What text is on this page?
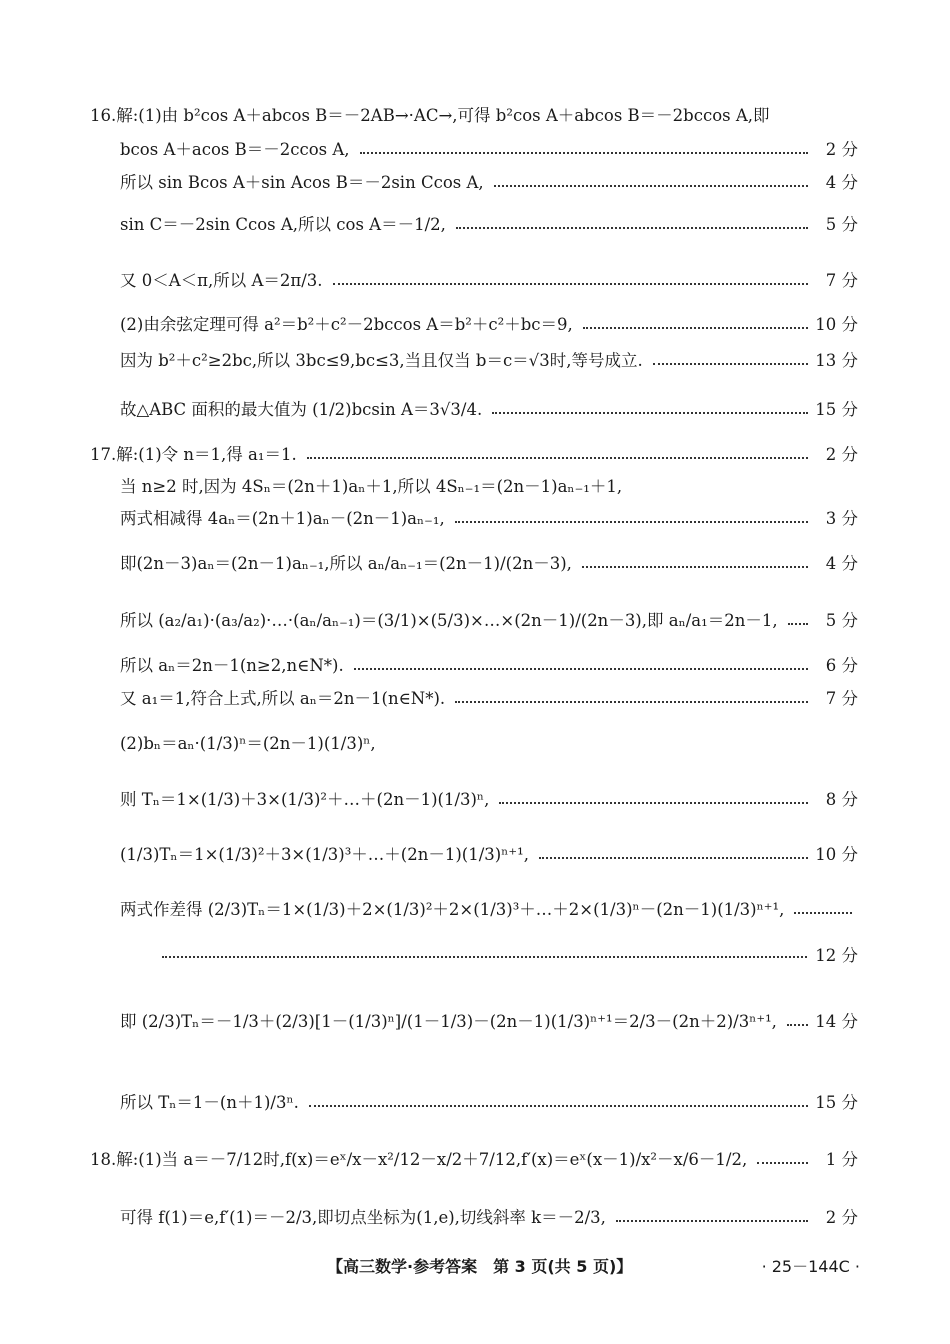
16.解:(1)由 b²cos A＋abcos B＝－2AB→·AC→,可得 b²cos A＋abcos B＝－2bccos A,即
bcos A＋acos B＝－2ccos A,	2 分
所以 sin Bcos A＋sin Acos B＝－2sin Ccos A,	4 分
sin C＝－2sin Ccos A,所以 cos A＝－1/2,	5 分
又 0＜A＜π,所以 A＝2π/3.	7 分
(2)由余弦定理可得 a²＝b²＋c²－2bccos A＝b²＋c²＋bc＝9,	10 分
因为 b²＋c²≥2bc,所以 3bc≤9,bc≤3,当且仅当 b＝c＝√3时,等号成立.	13 分
故△ABC 面积的最大值为 (1/2)bcsin A＝3√3/4.	15 分
17.解:(1)令 n＝1,得 a₁＝1.	2 分
当 n≥2 时,因为 4Sₙ＝(2n＋1)aₙ＋1,所以 4Sₙ₋₁＝(2n－1)aₙ₋₁＋1,
两式相减得 4aₙ＝(2n＋1)aₙ－(2n－1)aₙ₋₁,	3 分
即(2n－3)aₙ＝(2n－1)aₙ₋₁,所以 aₙ/aₙ₋₁＝(2n－1)/(2n－3),	4 分
所以 (a₂/a₁)·(a₃/a₂)·…·(aₙ/aₙ₋₁)＝(3/1)×(5/3)×…×(2n－1)/(2n－3),即 aₙ/a₁＝2n－1,	5 分
所以 aₙ＝2n－1(n≥2,n∈N*).	6 分
又 a₁＝1,符合上式,所以 aₙ＝2n－1(n∈N*).	7 分
(2)bₙ＝aₙ·(1/3)ⁿ＝(2n－1)(1/3)ⁿ,
则 Tₙ＝1×(1/3)＋3×(1/3)²＋…＋(2n－1)(1/3)ⁿ,	8 分
(1/3)Tₙ＝1×(1/3)²＋3×(1/3)³＋…＋(2n－1)(1/3)ⁿ⁺¹,	10 分
两式作差得 (2/3)Tₙ＝1×(1/3)＋2×(1/3)²＋2×(1/3)³＋…＋2×(1/3)ⁿ－(2n－1)(1/3)ⁿ⁺¹,
12 分
即 (2/3)Tₙ＝－1/3＋(2/3)[1－(1/3)ⁿ]/(1－1/3)－(2n－1)(1/3)ⁿ⁺¹＝2/3－(2n＋2)/3ⁿ⁺¹, 14 分
所以 Tₙ＝1－(n＋1)/3ⁿ.	15 分
18.解:(1)当 a＝－7/12时,f(x)＝eˣ/x－x²/12－x/2＋7/12,f′(x)＝eˣ(x－1)/x²－x/6－1/2,	1 分
可得 f(1)＝e,f′(1)＝－2/3,即切点坐标为(1,e),切线斜率 k＝－2/3,	2 分
【高三数学·参考答案　第 3 页(共 5 页)】	· 25－144C ·
